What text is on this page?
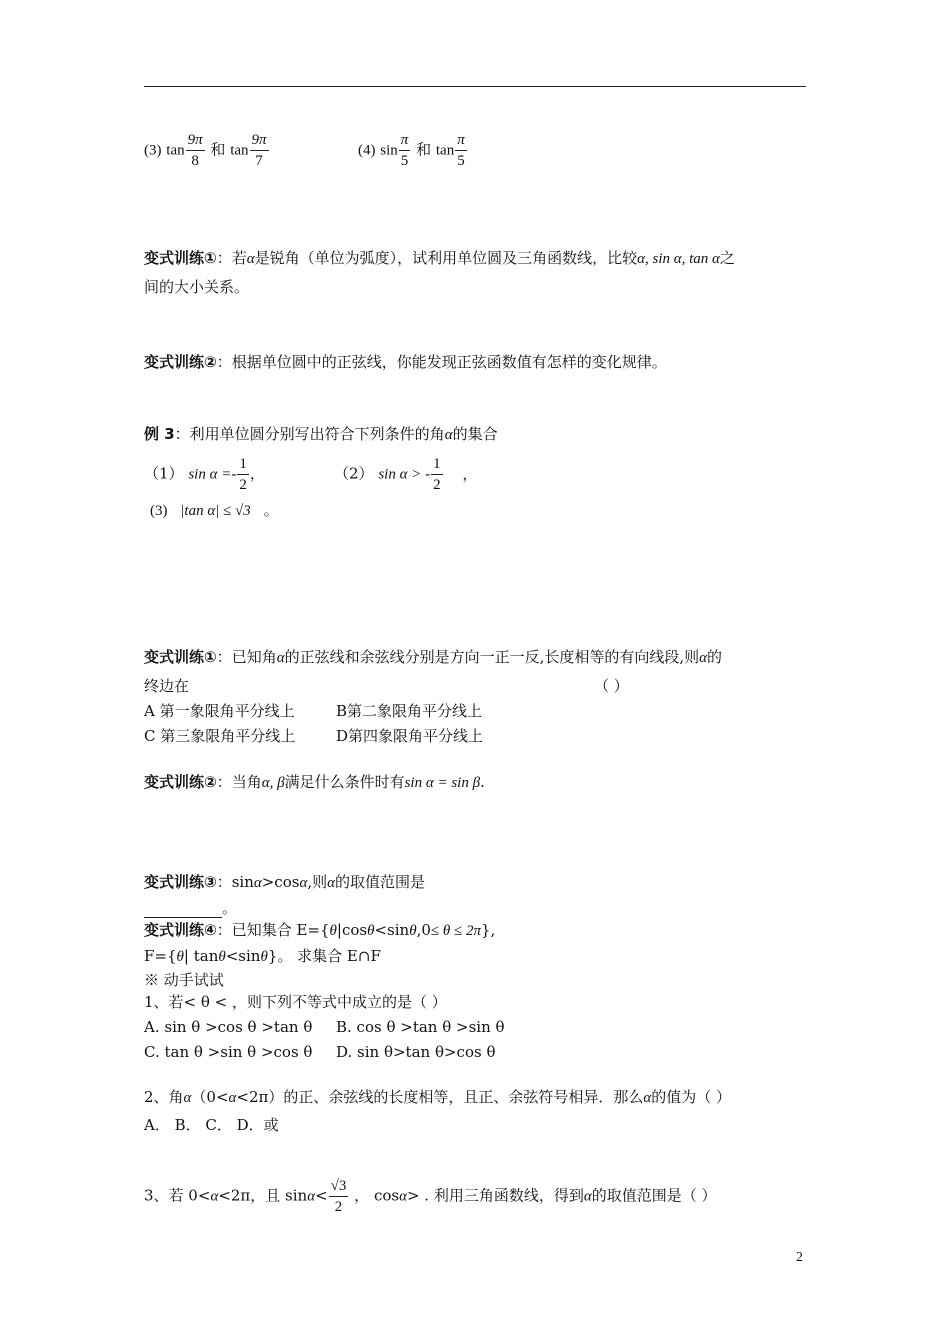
(3) $\tan \frac{9\pi}{8}$ 和 $\tan \frac{9\pi}{7}$	(4) $\sin \frac{\pi}{5}$ 和 $\tan \frac{\pi}{5}$
变式训练①：若α是锐角（单位为弧度），试利用单位圆及三角函数线，比较α, sin α, tan α之
间的大小关系。
变式训练②：根据单位圆中的正弦线，你能发现正弦函数值有怎样的变化规律。
例 3：利用单位圆分别写出符合下列条件的角α的集合
（1） $\sin \alpha =- \frac{1}{2}$ ，	（2） sin α > - $\frac{1}{2}$ ，
(3) |tan α| ≤ √3 。
变式训练①：已知角α的正弦线和余弦线分别是方向一正一反,长度相等的有向线段,则α的
终边在	（ ）
A 第一象限角平分线上	B第二象限角平分线上
C 第三象限角平分线上	D第四象限角平分线上
变式训练②：当角α, β满足什么条件时有sin α = sin β.
变式训练③：sinα>cosα,则α的取值范围是
。
变式训练④：已知集合 E={θ|cosθ<sinθ,0≤ θ ≤ 2π},
F={θ| tanθ<sinθ}。 求集合 E∩F
※ 动手试试
1、若< θ < ，则下列不等式中成立的是（ ）
A. sin θ >cos θ >tan θ B. cos θ >tan θ >sin θ
C. tan θ >sin θ >cos θ D. sin θ>tan θ>cos θ
2、角α（0<α<2π）的正、余弦线的长度相等，且正、余弦符号相异．那么α的值为（ ）
A． B． C． D．或
3、若 0<α<2π，且 $\sin\alpha< \frac{√3}{2}$ ， cosα> . 利用三角函数线，得到α的取值范围是（ ）
2
